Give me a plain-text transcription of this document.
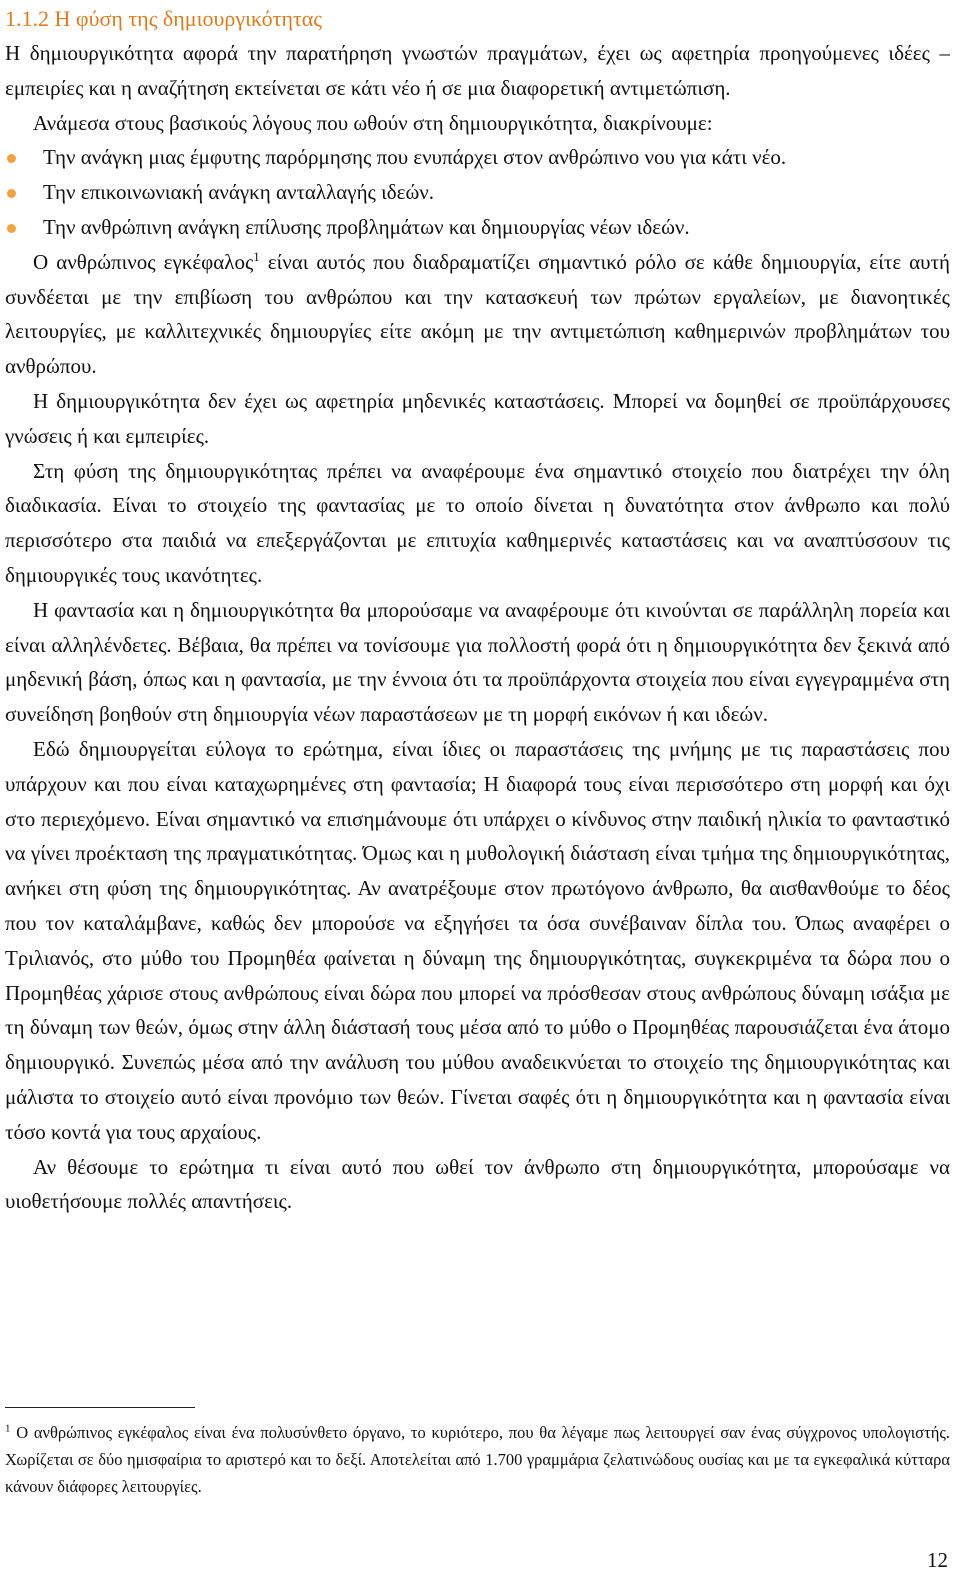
1.1.2 Η φύση της δημιουργικότητας

Η δημιουργικότητα αφορά την παρατήρηση γνωστών πραγμάτων, έχει ως αφετηρία προηγούμενες ιδέες – εμπειρίες και η αναζήτηση εκτείνεται σε κάτι νέο ή σε μια διαφορετική αντιμετώπιση.

Ανάμεσα στους βασικούς λόγους που ωθούν στη δημιουργικότητα, διακρίνουμε:

Την ανάγκη μιας έμφυτης παρόρμησης που ενυπάρχει στον ανθρώπινο νου για κάτι νέο.
Την επικοινωνιακή ανάγκη ανταλλαγής ιδεών.
Την ανθρώπινη ανάγκη επίλυσης προβλημάτων και δημιουργίας νέων ιδεών.

Ο ανθρώπινος εγκέφαλος$^1$ είναι αυτός που διαδραματίζει σημαντικό ρόλο σε κάθε δημιουργία, είτε αυτή συνδέεται με την επιβίωση του ανθρώπου και την κατασκευή των πρώτων εργαλείων, με διανοητικές λειτουργίες, με καλλιτεχνικές δημιουργίες είτε ακόμη με την αντιμετώπιση καθημερινών προβλημάτων του ανθρώπου.

Η δημιουργικότητα δεν έχει ως αφετηρία μηδενικές καταστάσεις. Μπορεί να δομηθεί σε προϋπάρχουσες γνώσεις ή και εμπειρίες.

Στη φύση της δημιουργικότητας πρέπει να αναφέρουμε ένα σημαντικό στοιχείο που διατρέχει την όλη διαδικασία. Είναι το στοιχείο της φαντασίας με το οποίο δίνεται η δυνατότητα στον άνθρωπο και πολύ περισσότερο στα παιδιά να επεξεργάζονται με επιτυχία καθημερινές καταστάσεις και να αναπτύσσουν τις δημιουργικές τους ικανότητες.

Η φαντασία και η δημιουργικότητα θα μπορούσαμε να αναφέρουμε ότι κινούνται σε παράλληλη πορεία και είναι αλληλένδετες. Βέβαια, θα πρέπει να τονίσουμε για πολλοστή φορά ότι η δημιουργικότητα δεν ξεκινά από μηδενική βάση, όπως και η φαντασία, με την έννοια ότι τα προϋπάρχοντα στοιχεία που είναι εγγεγραμμένα στη συνείδηση βοηθούν στη δημιουργία νέων παραστάσεων με τη μορφή εικόνων ή και ιδεών.

Εδώ δημιουργείται εύλογα το ερώτημα, είναι ίδιες οι παραστάσεις της μνήμης με τις παραστάσεις που υπάρχουν και που είναι καταχωρημένες στη φαντασία; Η διαφορά τους είναι περισσότερο στη μορφή και όχι στο περιεχόμενο. Είναι σημαντικό να επισημάνουμε ότι υπάρχει ο κίνδυνος στην παιδική ηλικία το φανταστικό να γίνει προέκταση της πραγματικότητας. Όμως και η μυθολογική διάσταση είναι τμήμα της δημιουργικότητας, ανήκει στη φύση της δημιουργικότητας. Αν ανατρέξουμε στον πρωτόγονο άνθρωπο, θα αισθανθούμε το δέος που τον καταλάμβανε, καθώς δεν μπορούσε να εξηγήσει τα όσα συνέβαιναν δίπλα του. Όπως αναφέρει ο Τριλιανός, στο μύθο του Προμηθέα φαίνεται η δύναμη της δημιουργικότητας, συγκεκριμένα τα δώρα που ο Προμηθέας χάρισε στους ανθρώπους είναι δώρα που μπορεί να πρόσθεσαν στους ανθρώπους δύναμη ισάξια με τη δύναμη των θεών, όμως στην άλλη διάστασή τους μέσα από το μύθο ο Προμηθέας παρουσιάζεται ένα άτομο δημιουργικό. Συνεπώς μέσα από την ανάλυση του μύθου αναδεικνύεται το στοιχείο της δημιουργικότητας και μάλιστα το στοιχείο αυτό είναι προνόμιο των θεών. Γίνεται σαφές ότι η δημιουργικότητα και η φαντασία είναι τόσο κοντά για τους αρχαίους.

Αν θέσουμε το ερώτημα τι είναι αυτό που ωθεί τον άνθρωπο στη δημιουργικότητα, μπορούσαμε να υιοθετήσουμε πολλές απαντήσεις.

$^1$ Ο ανθρώπινος εγκέφαλος είναι ένα πολυσύνθετο όργανο, το κυριότερο, που θα λέγαμε πως λειτουργεί σαν ένας σύγχρονος υπολογιστής. Χωρίζεται σε δύο ημισφαίρια το αριστερό και το δεξί. Αποτελείται από 1.700 γραμμάρια ζελατινώδους ουσίας και με τα εγκεφαλικά κύτταρα κάνουν διάφορες λειτουργίες.

12
